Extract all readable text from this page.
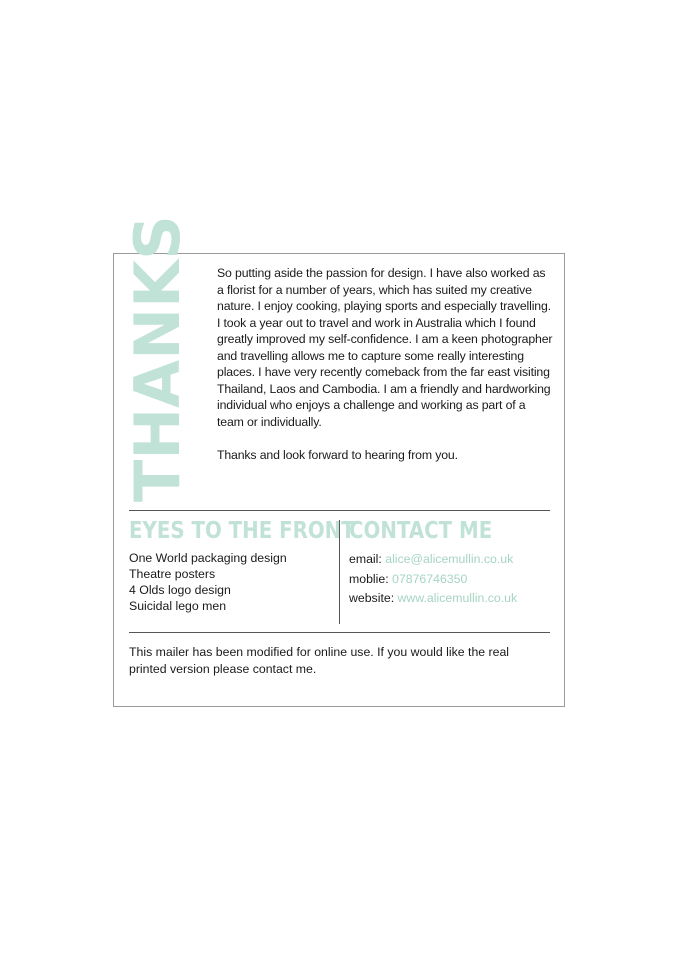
THANKS So putting aside the passion for design. I have also worked as a florist for a number of years, which has suited my creative nature. I enjoy cooking, playing sports and especially travelling. I took a year out to travel and work in Australia which I found greatly improved my self-confidence. I am a keen photographer and travelling allows me to capture some really interesting places. I have very recently comeback from the far east visiting Thailand, Laos and Cambodia. I am a friendly and hardworking individual who enjoys a challenge and working as part of a team or individually.

Thanks and look forward to hearing from you.

EYES TO THE FRONT
One World packaging design
Theatre posters
4 Olds logo design
Suicidal lego men
CONTACT ME
email: alice@alicemullin.co.uk
moblie: 07876746350
website: www.alicemullin.co.uk
This mailer has been modified for online use. If you would like the real printed version please contact me.
